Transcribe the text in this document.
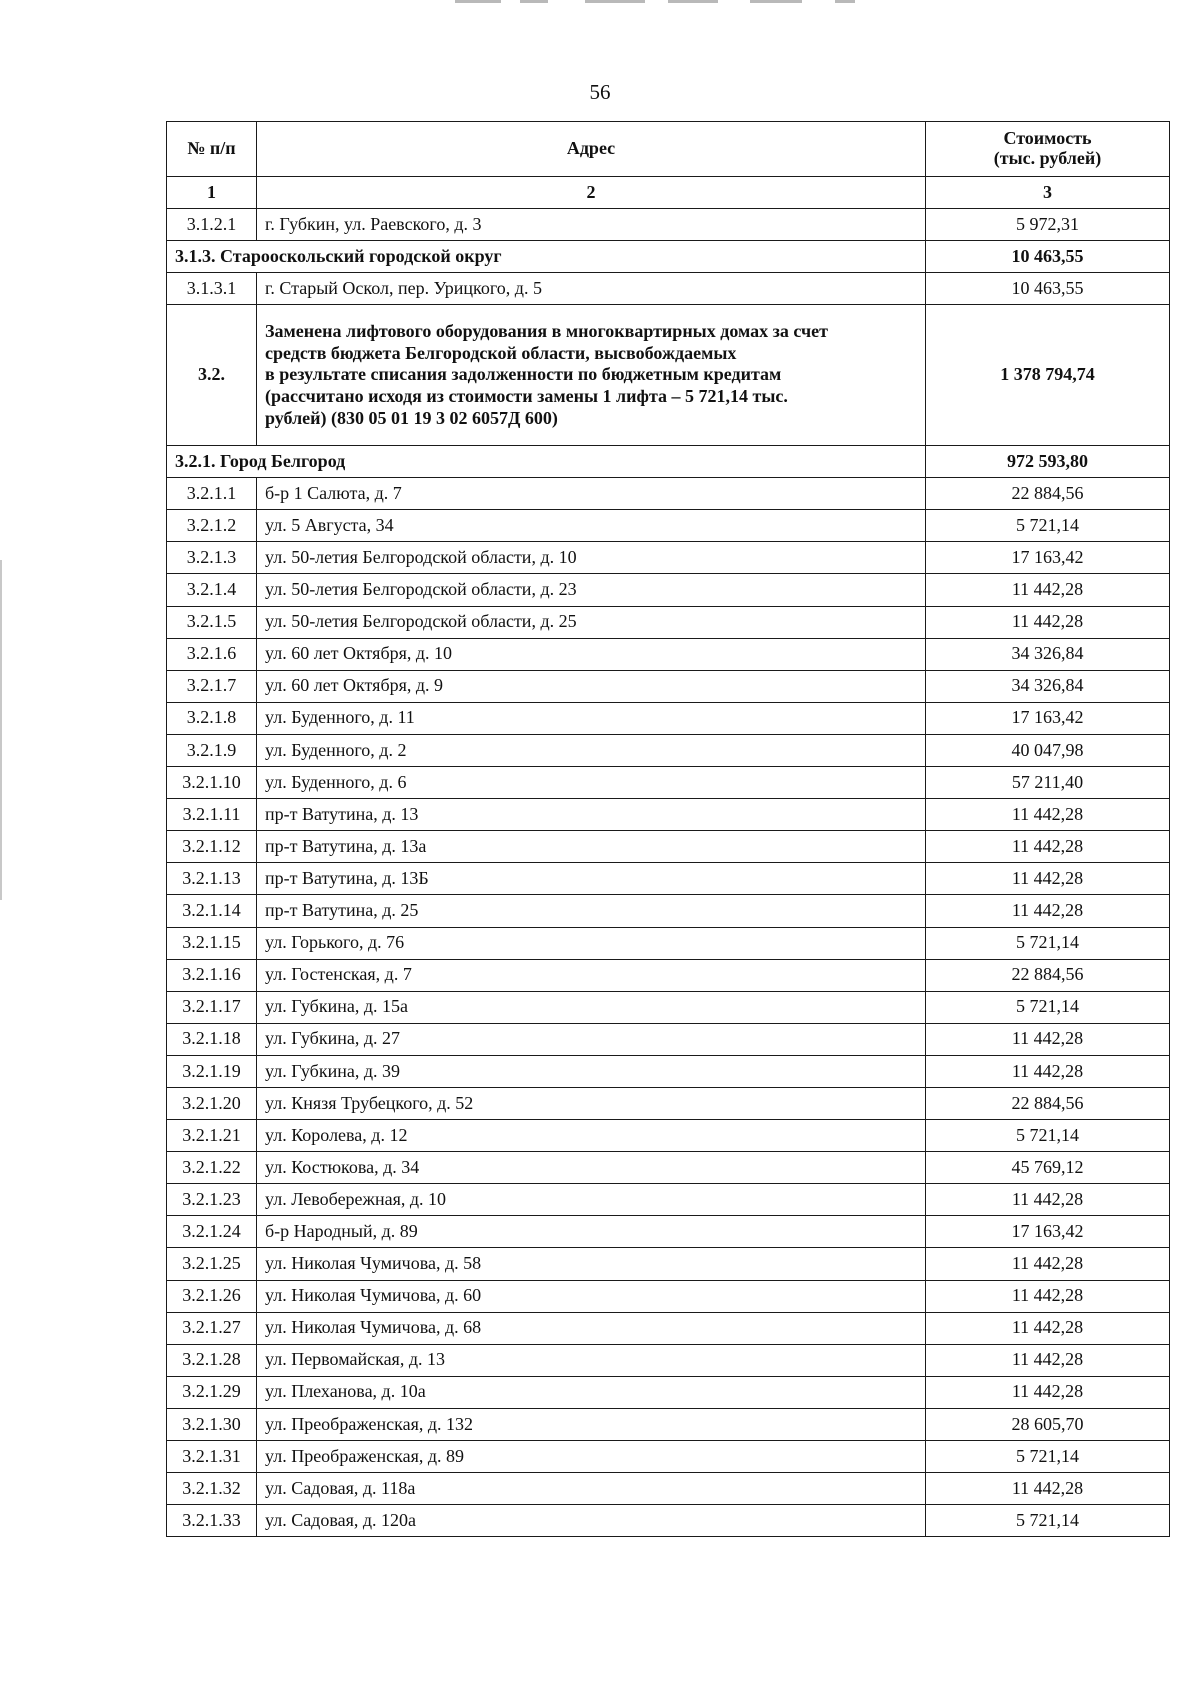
56
№ п/п	Адрес	Стоимость
(тыс. рублей)
1	2	3
3.1.2.1	г. Губкин, ул. Раевского, д. 3	5 972,31
3.1.3. Старооскольский городской округ		10 463,55
3.1.3.1	г. Старый Оскол, пер. Урицкого, д. 5	10 463,55
3.2.	Заменена лифтового оборудования в многоквартирных домах за счет
средств бюджета Белгородской области, высвобождаемых
в результате списания задолженности по бюджетным кредитам
(рассчитано исходя из стоимости замены 1 лифта – 5 721,14 тыс.
рублей) (830 05 01 19 3 02 6057Д 600)	1 378 794,74
3.2.1. Город Белгород		972 593,80
3.2.1.1	б-р 1 Салюта, д. 7	22 884,56
3.2.1.2	ул. 5 Августа, 34	5 721,14
3.2.1.3	ул. 50-летия Белгородской области, д. 10	17 163,42
3.2.1.4	ул. 50-летия Белгородской области, д. 23	11 442,28
3.2.1.5	ул. 50-летия Белгородской области, д. 25	11 442,28
3.2.1.6	ул. 60 лет Октября, д. 10	34 326,84
3.2.1.7	ул. 60 лет Октября, д. 9	34 326,84
3.2.1.8	ул. Буденного, д. 11	17 163,42
3.2.1.9	ул. Буденного, д. 2	40 047,98
3.2.1.10	ул. Буденного, д. 6	57 211,40
3.2.1.11	пр-т Ватутина, д. 13	11 442,28
3.2.1.12	пр-т Ватутина, д. 13а	11 442,28
3.2.1.13	пр-т Ватутина, д. 13Б	11 442,28
3.2.1.14	пр-т Ватутина, д. 25	11 442,28
3.2.1.15	ул. Горького, д. 76	5 721,14
3.2.1.16	ул. Гостенская, д. 7	22 884,56
3.2.1.17	ул. Губкина, д. 15а	5 721,14
3.2.1.18	ул. Губкина, д. 27	11 442,28
3.2.1.19	ул. Губкина, д. 39	11 442,28
3.2.1.20	ул. Князя Трубецкого, д. 52	22 884,56
3.2.1.21	ул. Королева, д. 12	5 721,14
3.2.1.22	ул. Костюкова, д. 34	45 769,12
3.2.1.23	ул. Левобережная, д. 10	11 442,28
3.2.1.24	б-р Народный, д. 89	17 163,42
3.2.1.25	ул. Николая Чумичова, д. 58	11 442,28
3.2.1.26	ул. Николая Чумичова, д. 60	11 442,28
3.2.1.27	ул. Николая Чумичова, д. 68	11 442,28
3.2.1.28	ул. Первомайская, д. 13	11 442,28
3.2.1.29	ул. Плеханова, д. 10а	11 442,28
3.2.1.30	ул. Преображенская, д. 132	28 605,70
3.2.1.31	ул. Преображенская, д. 89	5 721,14
3.2.1.32	ул. Садовая, д. 118а	11 442,28
3.2.1.33	ул. Садовая, д. 120а	5 721,14
